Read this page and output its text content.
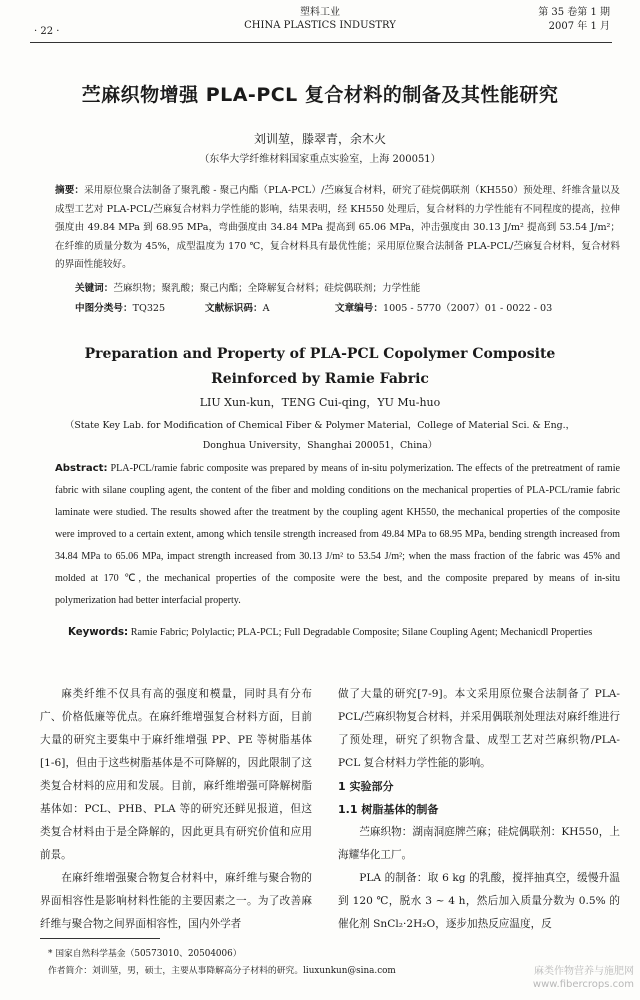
· 22 ·
塑料工业
CHINA PLASTICS INDUSTRY
第 35 卷第 1 期
2007 年 1 月
苎麻织物增强 PLA-PCL 复合材料的制备及其性能研究
刘训堃，滕翠青，余木火
（东华大学纤维材料国家重点实验室，上海 200051）
摘要：采用原位聚合法制备了聚乳酸 - 聚己内酯（PLA-PCL）/苎麻复合材料，研究了硅烷偶联剂（KH550）预处理、纤维含量以及成型工艺对 PLA-PCL/苎麻复合材料力学性能的影响，结果表明，经 KH550 处理后，复合材料的力学性能有不同程度的提高，拉伸强度由 49.84 MPa 到 68.95 MPa，弯曲强度由 34.84 MPa 提高到 65.06 MPa，冲击强度由 30.13 J/m² 提高到 53.54 J/m²；在纤维的质量分数为 45%，成型温度为 170 ℃，复合材料具有最优性能；采用原位聚合法制备 PLA-PCL/苎麻复合材料，复合材料的界面性能较好。
关键词：苎麻织物；聚乳酸；聚己内酯；全降解复合材料；硅烷偶联剂；力学性能
中图分类号：TQ325	文献标识码：A	文章编号：1005 - 5770（2007）01 - 0022 - 03
Preparation and Property of PLA-PCL Copolymer Composite
Reinforced by Ramie Fabric
LIU Xun-kun，TENG Cui-qing，YU Mu-huo
（State Key Lab. for Modification of Chemical Fiber & Polymer Material，College of Material Sci. & Eng.，
Donghua University，Shanghai 200051，China）
Abstract: PLA-PCL/ramie fabric composite was prepared by means of in-situ polymerization. The effects of the pretreatment of ramie fabric with silane coupling agent, the content of the fiber and molding conditions on the mechanical properties of PLA-PCL/ramie fabric laminate were studied. The results showed after the treatment by the coupling agent KH550, the mechanical properties of the composite were improved to a certain extent, among which tensile strength increased from 49.84 MPa to 68.95 MPa, bending strength increased from 34.84 MPa to 65.06 MPa, impact strength increased from 30.13 J/m² to 53.54 J/m²; when the mass fraction of the fabric was 45% and molded at 170 ℃, the mechanical properties of the composite were the best, and the composite prepared by means of in-situ polymerization had better interfacial property.
Keywords: Ramie Fabric; Polylactic; PLA-PCL; Full Degradable Composite; Silane Coupling Agent; Mechanicdl Properties

麻类纤维不仅具有高的强度和模量，同时具有分布广、价格低廉等优点。在麻纤维增强复合材料方面，目前大量的研究主要集中于麻纤维增强 PP、PE 等树脂基体[1-6]，但由于这些树脂基体是不可降解的，因此限制了这类复合材料的应用和发展。目前，麻纤维增强可降解树脂基体如：PCL、PHB、PLA 等的研究还鲜见报道，但这类复合材料由于是全降解的，因此更具有研究价值和应用前景。

在麻纤维增强聚合物复合材料中，麻纤维与聚合物的界面相容性是影响材料性能的主要因素之一。为了改善麻纤维与聚合物之间界面相容性，国内外学者

做了大量的研究[7-9]。本文采用原位聚合法制备了 PLA-PCL/苎麻织物复合材料，并采用偶联剂处理法对麻纤维进行了预处理，研究了织物含量、成型工艺对苎麻织物/PLA-PCL 复合材料力学性能的影响。

1 实验部分

1.1 树脂基体的制备

苎麻织物：湖南洞庭牌苎麻；硅烷偶联剂：KH550，上海耀华化工厂。

PLA 的制备：取 6 kg 的乳酸，搅拌抽真空，缓慢升温到 120 ℃，脱水 3 ~ 4 h，然后加入质量分数为 0.5% 的催化剂 SnCl₂·2H₂O，逐步加热反应温度，反

* 国家自然科学基金（50573010、20504006）
作者简介：刘训堃，男，硕士，主要从事降解高分子材料的研究。liuxunkun@sina.com	麻类作物营养与施肥网
www.fibercrops.com
